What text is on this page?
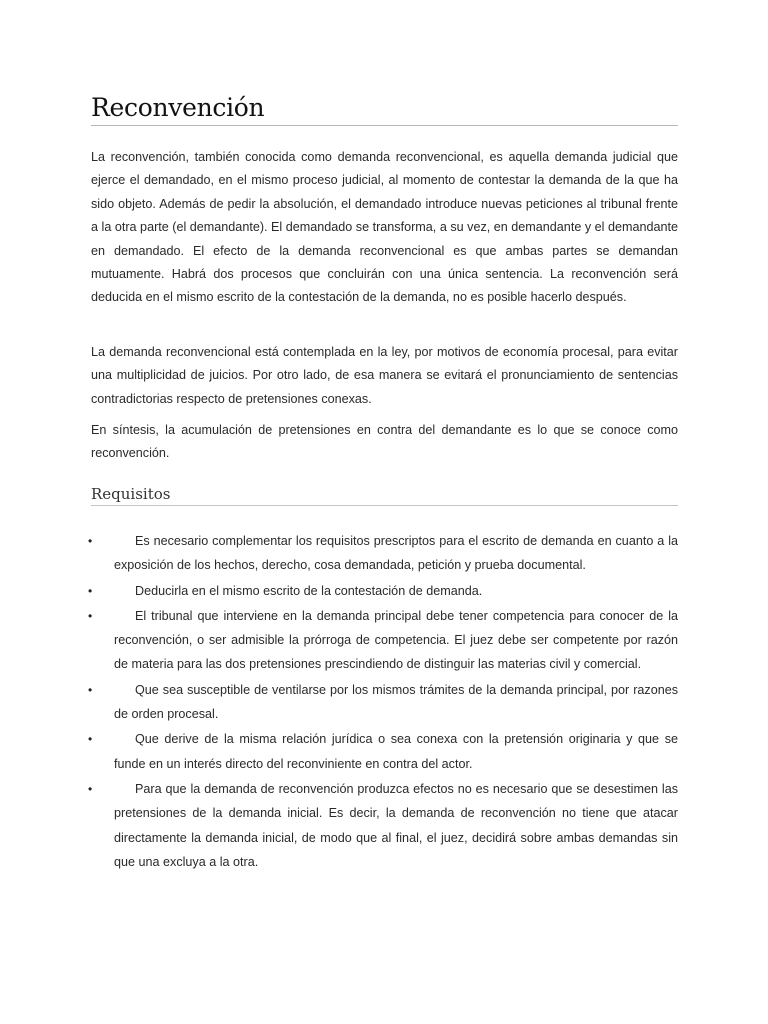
Reconvención

La reconvención, también conocida como demanda reconvencional, es aquella demanda judicial que ejerce el demandado, en el mismo proceso judicial, al momento de contestar la demanda de la que ha sido objeto. Además de pedir la absolución, el demandado introduce nuevas peticiones al tribunal frente a la otra parte (el demandante). El demandado se transforma, a su vez, en demandante y el demandante en demandado. El efecto de la demanda reconvencional es que ambas partes se demandan mutuamente. Habrá dos procesos que concluirán con una única sentencia. La reconvención será deducida en el mismo escrito de la contestación de la demanda, no es posible hacerlo después.

La demanda reconvencional está contemplada en la ley, por motivos de economía procesal, para evitar una multiplicidad de juicios. Por otro lado, de esa manera se evitará el pronunciamiento de sentencias contradictorias respecto de pretensiones conexas.

En síntesis, la acumulación de pretensiones en contra del demandante es lo que se conoce como reconvención.

Requisitos
•	Es necesario complementar los requisitos prescriptos para el escrito de demanda en cuanto a la exposición de los hechos, derecho, cosa demandada, petición y prueba documental.
•	Deducirla en el mismo escrito de la contestación de demanda.
•	El tribunal que interviene en la demanda principal debe tener competencia para conocer de la reconvención, o ser admisible la prórroga de competencia. El juez debe ser competente por razón de materia para las dos pretensiones prescindiendo de distinguir las materias civil y comercial.
•	Que sea susceptible de ventilarse por los mismos trámites de la demanda principal, por razones de orden procesal.
•	Que derive de la misma relación jurídica o sea conexa con la pretensión originaria y que se funde en un interés directo del reconviniente en contra del actor.
•	Para que la demanda de reconvención produzca efectos no es necesario que se desestimen las pretensiones de la demanda inicial. Es decir, la demanda de reconvención no tiene que atacar directamente la demanda inicial, de modo que al final, el juez, decidirá sobre ambas demandas sin que una excluya a la otra.
